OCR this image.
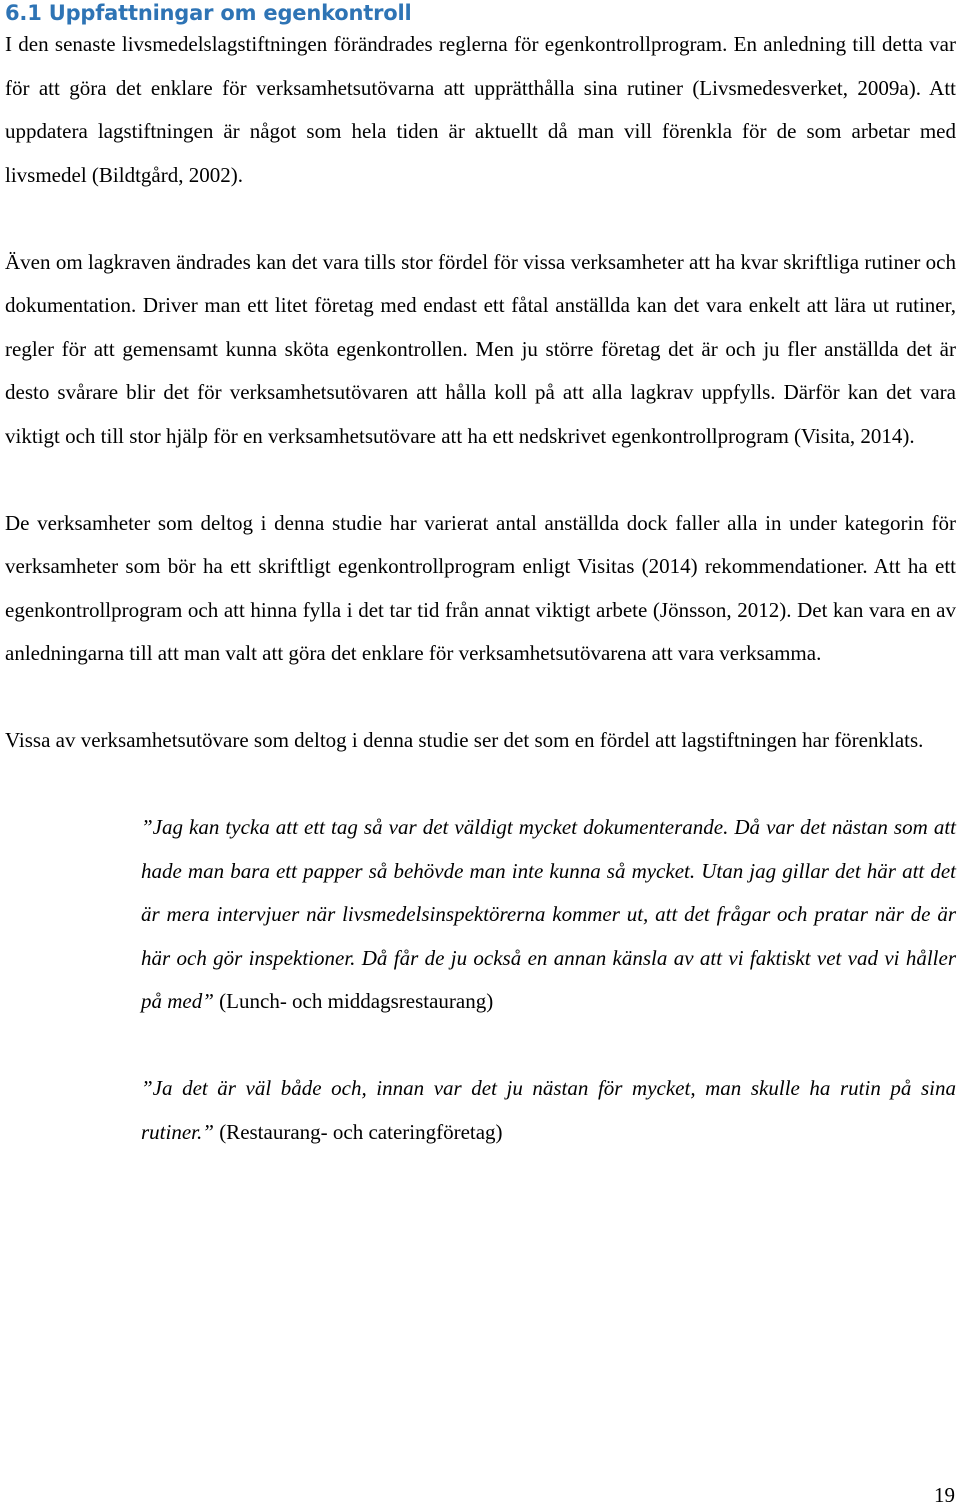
6.1 Uppfattningar om egenkontroll

I den senaste livsmedelslagstiftningen förändrades reglerna för egenkontrollprogram. En anledning till detta var för att göra det enklare för verksamhetsutövarna att upprätthålla sina rutiner (Livsmedesverket, 2009a). Att uppdatera lagstiftningen är något som hela tiden är aktuellt då man vill förenkla för de som arbetar med livsmedel (Bildtgård, 2002).

Även om lagkraven ändrades kan det vara tills stor fördel för vissa verksamheter att ha kvar skriftliga rutiner och dokumentation. Driver man ett litet företag med endast ett fåtal anställda kan det vara enkelt att lära ut rutiner, regler för att gemensamt kunna sköta egenkontrollen. Men ju större företag det är och ju fler anställda det är desto svårare blir det för verksamhetsutövaren att hålla koll på att alla lagkrav uppfylls. Därför kan det vara viktigt och till stor hjälp för en verksamhetsutövare att ha ett nedskrivet egenkontrollprogram (Visita, 2014).

De verksamheter som deltog i denna studie har varierat antal anställda dock faller alla in under kategorin för verksamheter som bör ha ett skriftligt egenkontrollprogram enligt Visitas (2014) rekommendationer. Att ha ett egenkontrollprogram och att hinna fylla i det tar tid från annat viktigt arbete (Jönsson, 2012). Det kan vara en av anledningarna till att man valt att göra det enklare för verksamhetsutövarena att vara verksamma.

Vissa av verksamhetsutövare som deltog i denna studie ser det som en fördel att lagstiftningen har förenklats.

”Jag kan tycka att ett tag så var det väldigt mycket dokumenterande. Då var det nästan som att hade man bara ett papper så behövde man inte kunna så mycket. Utan jag gillar det här att det är mera intervjuer när livsmedelsinspektörerna kommer ut, att det frågar och pratar när de är här och gör inspektioner. Då får de ju också en annan känsla av att vi faktiskt vet vad vi håller på med” (Lunch- och middagsrestaurang)

”Ja det är väl både och, innan var det ju nästan för mycket, man skulle ha rutin på sina rutiner.” (Restaurang- och cateringföretag)

19
